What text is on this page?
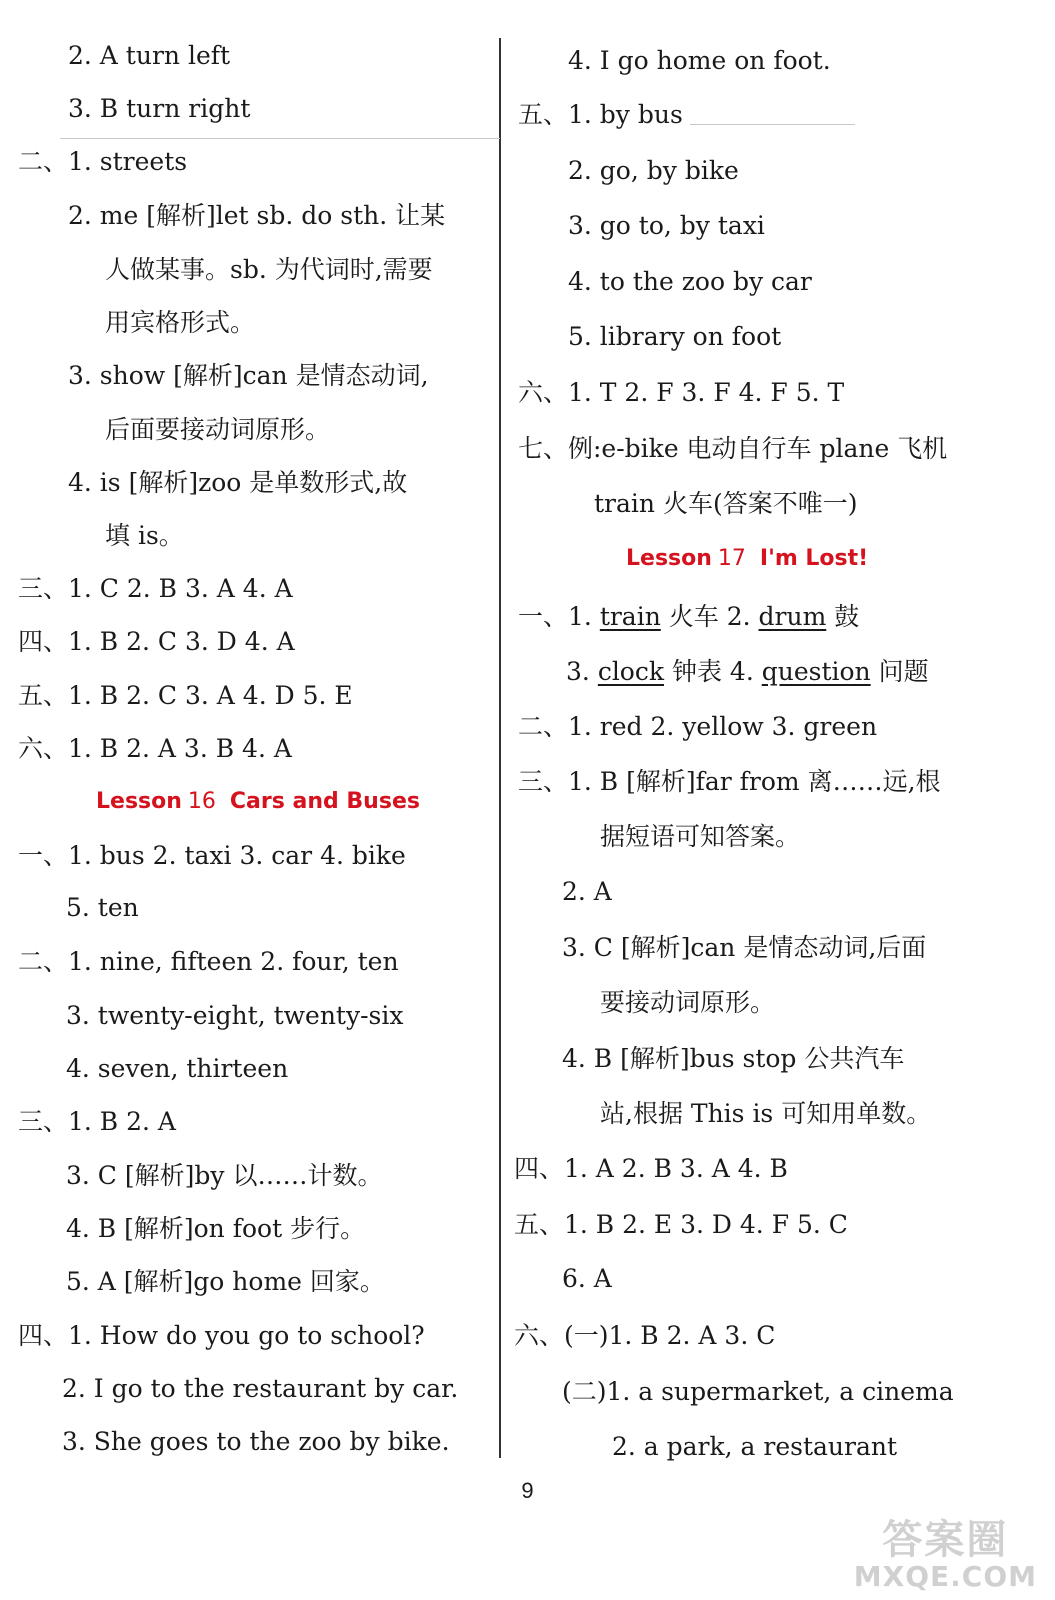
2. A turn left
3. B turn right
二、1. streets
2. me [解析]let sb. do sth. 让某
人做某事。sb. 为代词时,需要
用宾格形式。
3. show [解析]can 是情态动词,
后面要接动词原形。
4. is [解析]zoo 是单数形式,故
填 is。
三、1. C 2. B 3. A 4. A
四、1. B 2. C 3. D 4. A
五、1. B 2. C 3. A 4. D 5. E
六、1. B 2. A 3. B 4. A
Lesson 16 Cars and Buses
一、1. bus 2. taxi 3. car 4. bike
5. ten
二、1. nine, fifteen 2. four, ten
3. twenty-eight, twenty-six
4. seven, thirteen
三、1. B 2. A
3. C [解析]by 以……计数。
4. B [解析]on foot 步行。
5. A [解析]go home 回家。
四、1. How do you go to school?
2. I go to the restaurant by car.
3. She goes to the zoo by bike.
4. I go home on foot.
五、1. by bus
2. go, by bike
3. go to, by taxi
4. to the zoo by car
5. library on foot
六、1. T 2. F 3. F 4. F 5. T
七、例:e-bike 电动自行车 plane 飞机
train 火车(答案不唯一)
Lesson 17 I'm Lost!
一、1. train 火车 2. drum 鼓
3. clock 钟表 4. question 问题
二、1. red 2. yellow 3. green
三、1. B [解析]far from 离……远,根
据短语可知答案。
2. A
3. C [解析]can 是情态动词,后面
要接动词原形。
4. B [解析]bus stop 公共汽车
站,根据 This is 可知用单数。
四、1. A 2. B 3. A 4. B
五、1. B 2. E 3. D 4. F 5. C
6. A
六、(一)1. B 2. A 3. C
(二)1. a supermarket, a cinema
2. a park, a restaurant
9
答案圈
MXQE.COM
